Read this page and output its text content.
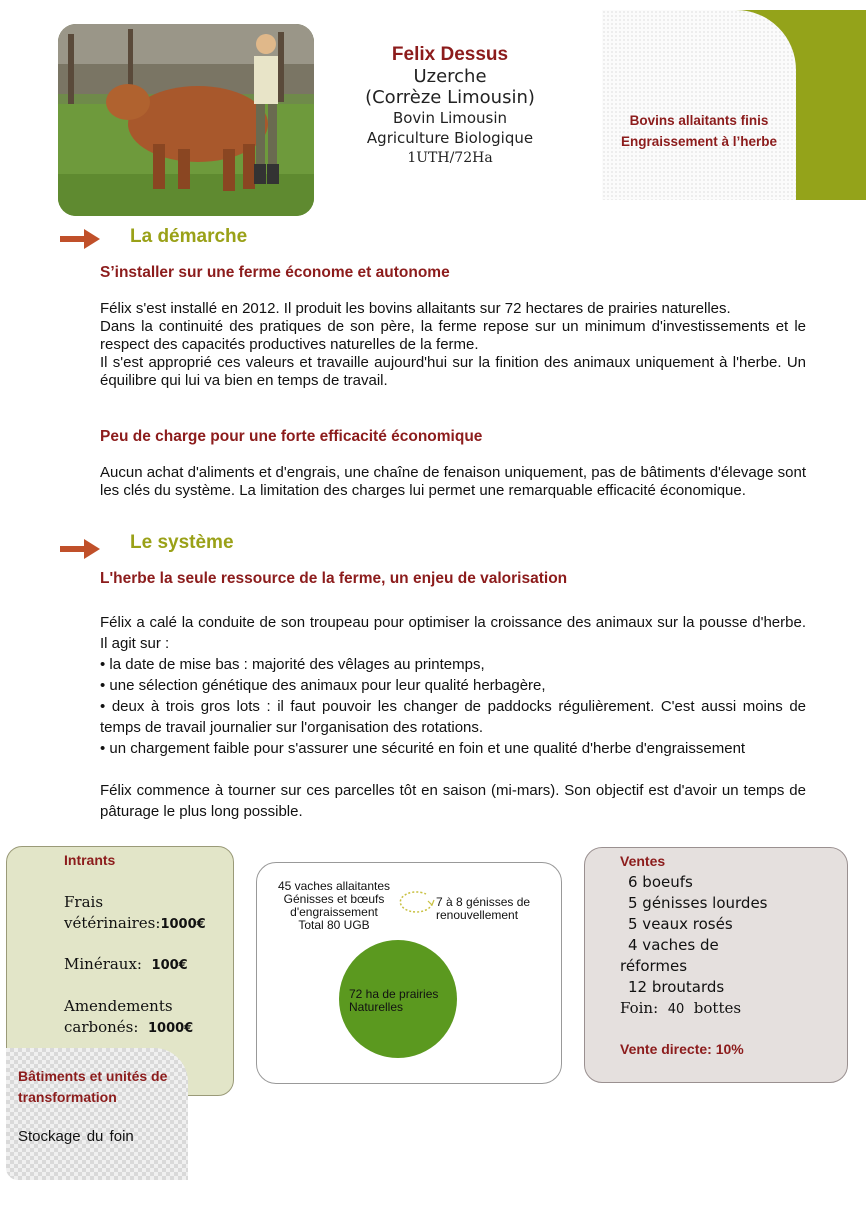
Felix Dessus
Uzerche
(Corrèze Limousin)
Bovin Limousin
Agriculture Biologique
1UTH/72Ha
Bovins allaitants finis
Engraissement à l’herbe
La démarche
S’installer sur une ferme économe et autonome

Félix s'est installé en 2012. Il produit les bovins allaitants sur 72 hectares de prairies naturelles.

Dans la continuité des pratiques de son père, la ferme repose sur un minimum d'investissements et le respect des capacités productives naturelles de la ferme.

Il s'est approprié ces valeurs et travaille aujourd'hui sur la finition des animaux uniquement à l'herbe. Un équilibre qui lui va bien en temps de travail.

Peu de charge pour une forte efficacité économique

Aucun achat d'aliments et d'engrais, une chaîne de fenaison uniquement, pas de bâtiments d'élevage sont les clés du système. La limitation des charges lui permet une remarquable efficacité économique.

Le système
L'herbe la seule ressource de la ferme, un enjeu de valorisation

Félix a calé la conduite de son troupeau pour optimiser la croissance des animaux sur la pousse d'herbe. Il agit sur :

• la date de mise bas : majorité des vêlages au printemps,

• une sélection génétique des animaux pour leur qualité herbagère,

• deux à trois gros lots : il faut pouvoir les changer de paddocks régulièrement. C'est aussi moins de temps de travail journalier sur l'organisation des rotations.

• un chargement faible pour s'assurer une sécurité en foin et une qualité d'herbe d'engraissement

Félix commence à tourner sur ces parcelles tôt en saison (mi-mars). Son objectif est d'avoir un temps de pâturage le plus long possible.

Intrants
Frais
vétérinaires:1000€
Minéraux: 100€
Amendements
carbonés: 1000€
45 vaches allaitantes
Génisses et bœufs
d'engraissement
Total 80 UGB
7 à 8 génisses de
renouvellement
72 ha de prairies
Naturelles
Ventes
6 boeufs
5 génisses lourdes
5 veaux rosés
4 vaches de
réformes
12 broutards
Foin: 40 bottes
Vente directe: 10%
Bâtiments et unités de
transformation
Stockage du foin
